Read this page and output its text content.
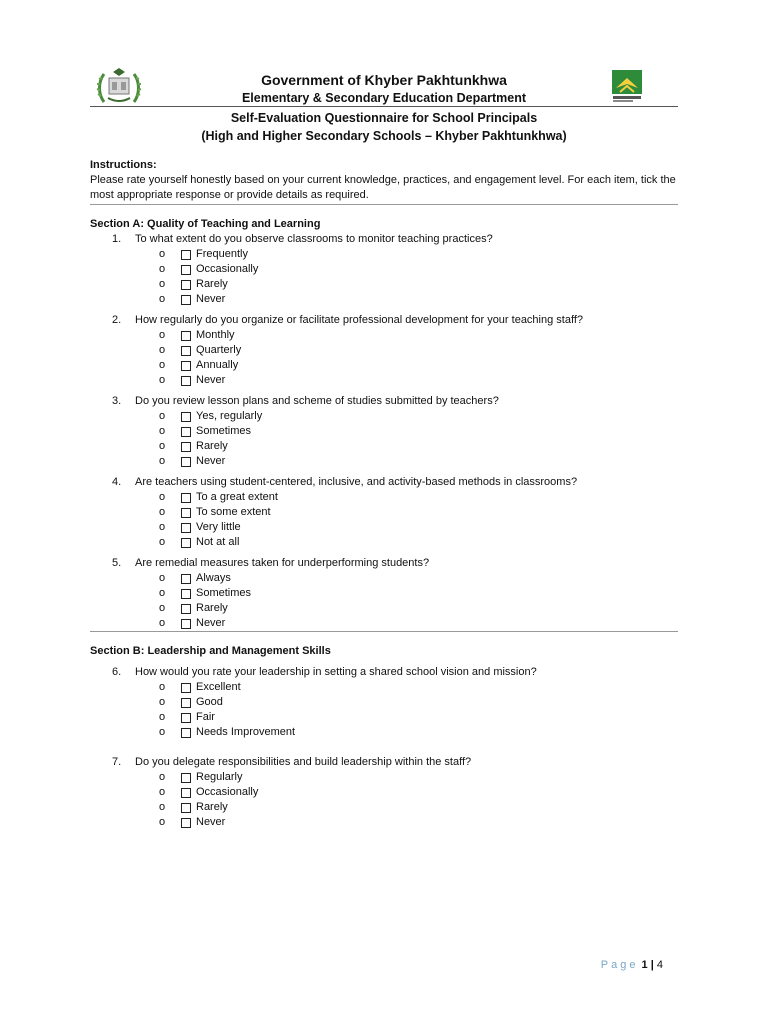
Government of Khyber Pakhtunkhwa
Elementary & Secondary Education Department
Self-Evaluation Questionnaire for School Principals
(High and Higher Secondary Schools – Khyber Pakhtunkhwa)
Instructions:
Please rate yourself honestly based on your current knowledge, practices, and engagement level. For each item, tick the most appropriate response or provide details as required.
Section A: Quality of Teaching and Learning
1. To what extent do you observe classrooms to monitor teaching practices?
o	Frequently
o	Occasionally
o	Rarely
o	Never
2. How regularly do you organize or facilitate professional development for your teaching staff?
o	Monthly
o	Quarterly
o	Annually
o	Never
3. Do you review lesson plans and scheme of studies submitted by teachers?
o	Yes, regularly
o	Sometimes
o	Rarely
o	Never
4. Are teachers using student-centered, inclusive, and activity-based methods in classrooms?
o	To a great extent
o	To some extent
o	Very little
o	Not at all
5. Are remedial measures taken for underperforming students?
o	Always
o	Sometimes
o	Rarely
o	Never
Section B: Leadership and Management Skills
6. How would you rate your leadership in setting a shared school vision and mission?
o	Excellent
o	Good
o	Fair
o	Needs Improvement
7. Do you delegate responsibilities and build leadership within the staff?
o	Regularly
o	Occasionally
o	Rarely
o	Never
Page 1 | 4
